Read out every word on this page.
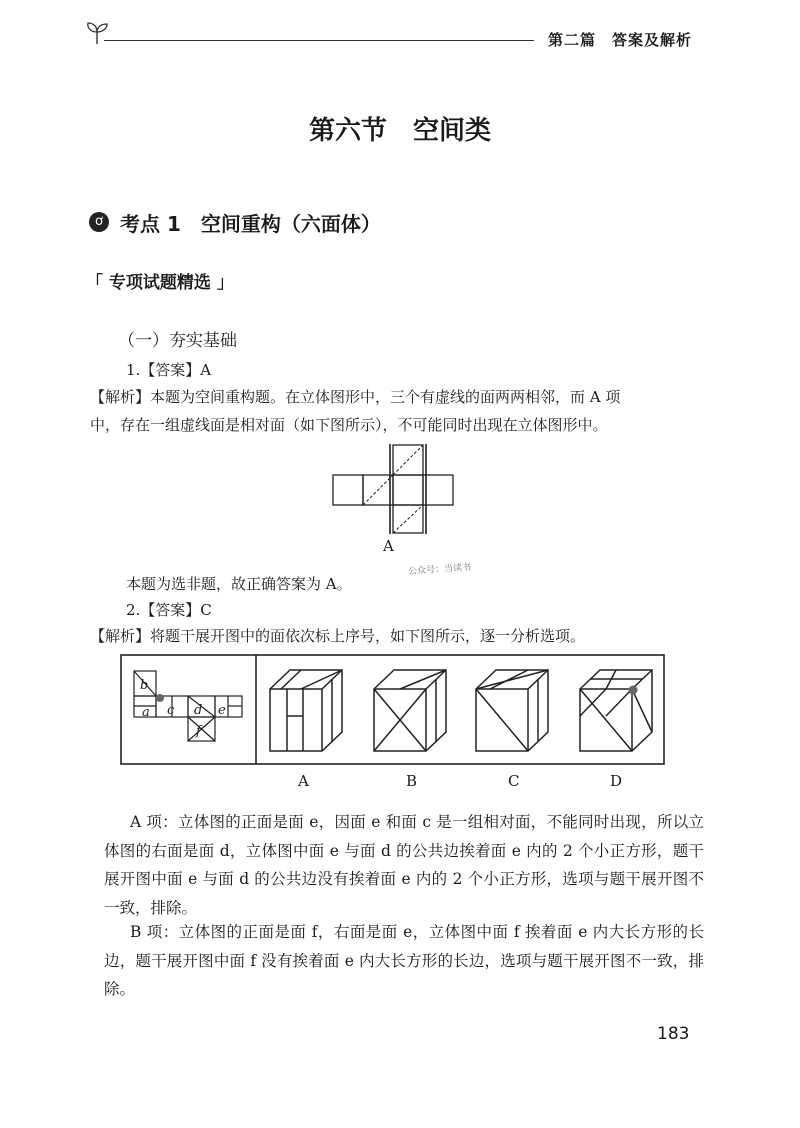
第二篇　答案及解析
第六节　空间类
ơ 考点 1　空间重构（六面体）
「 专项试题精选 」
（一）夯实基础
1.【答案】A
【解析】本题为空间重构题。在立体图形中，三个有虚线的面两两相邻，而 A 项
中，存在一组虚线面是相对面（如下图所示），不可能同时出现在立体图形中。
A
本题为选非题，故正确答案为 A。
公众号：当读书
2.【答案】C
【解析】将题干展开图中的面依次标上序号，如下图所示，逐一分析选项。
b
a c d e
f
A	B	C	D
A 项：立体图的正面是面 e，因面 e 和面 c 是一组相对面，不能同时出现，所以立体图的右面是面 d，立体图中面 e 与面 d 的公共边挨着面 e 内的 2 个小正方形，题干展开图中面 e 与面 d 的公共边没有挨着面 e 内的 2 个小正方形，选项与题干展开图不一致，排除。
B 项：立体图的正面是面 f，右面是面 e，立体图中面 f 挨着面 e 内大长方形的长边，题干展开图中面 f 没有挨着面 e 内大长方形的长边，选项与题干展开图不一致，排除。
183
